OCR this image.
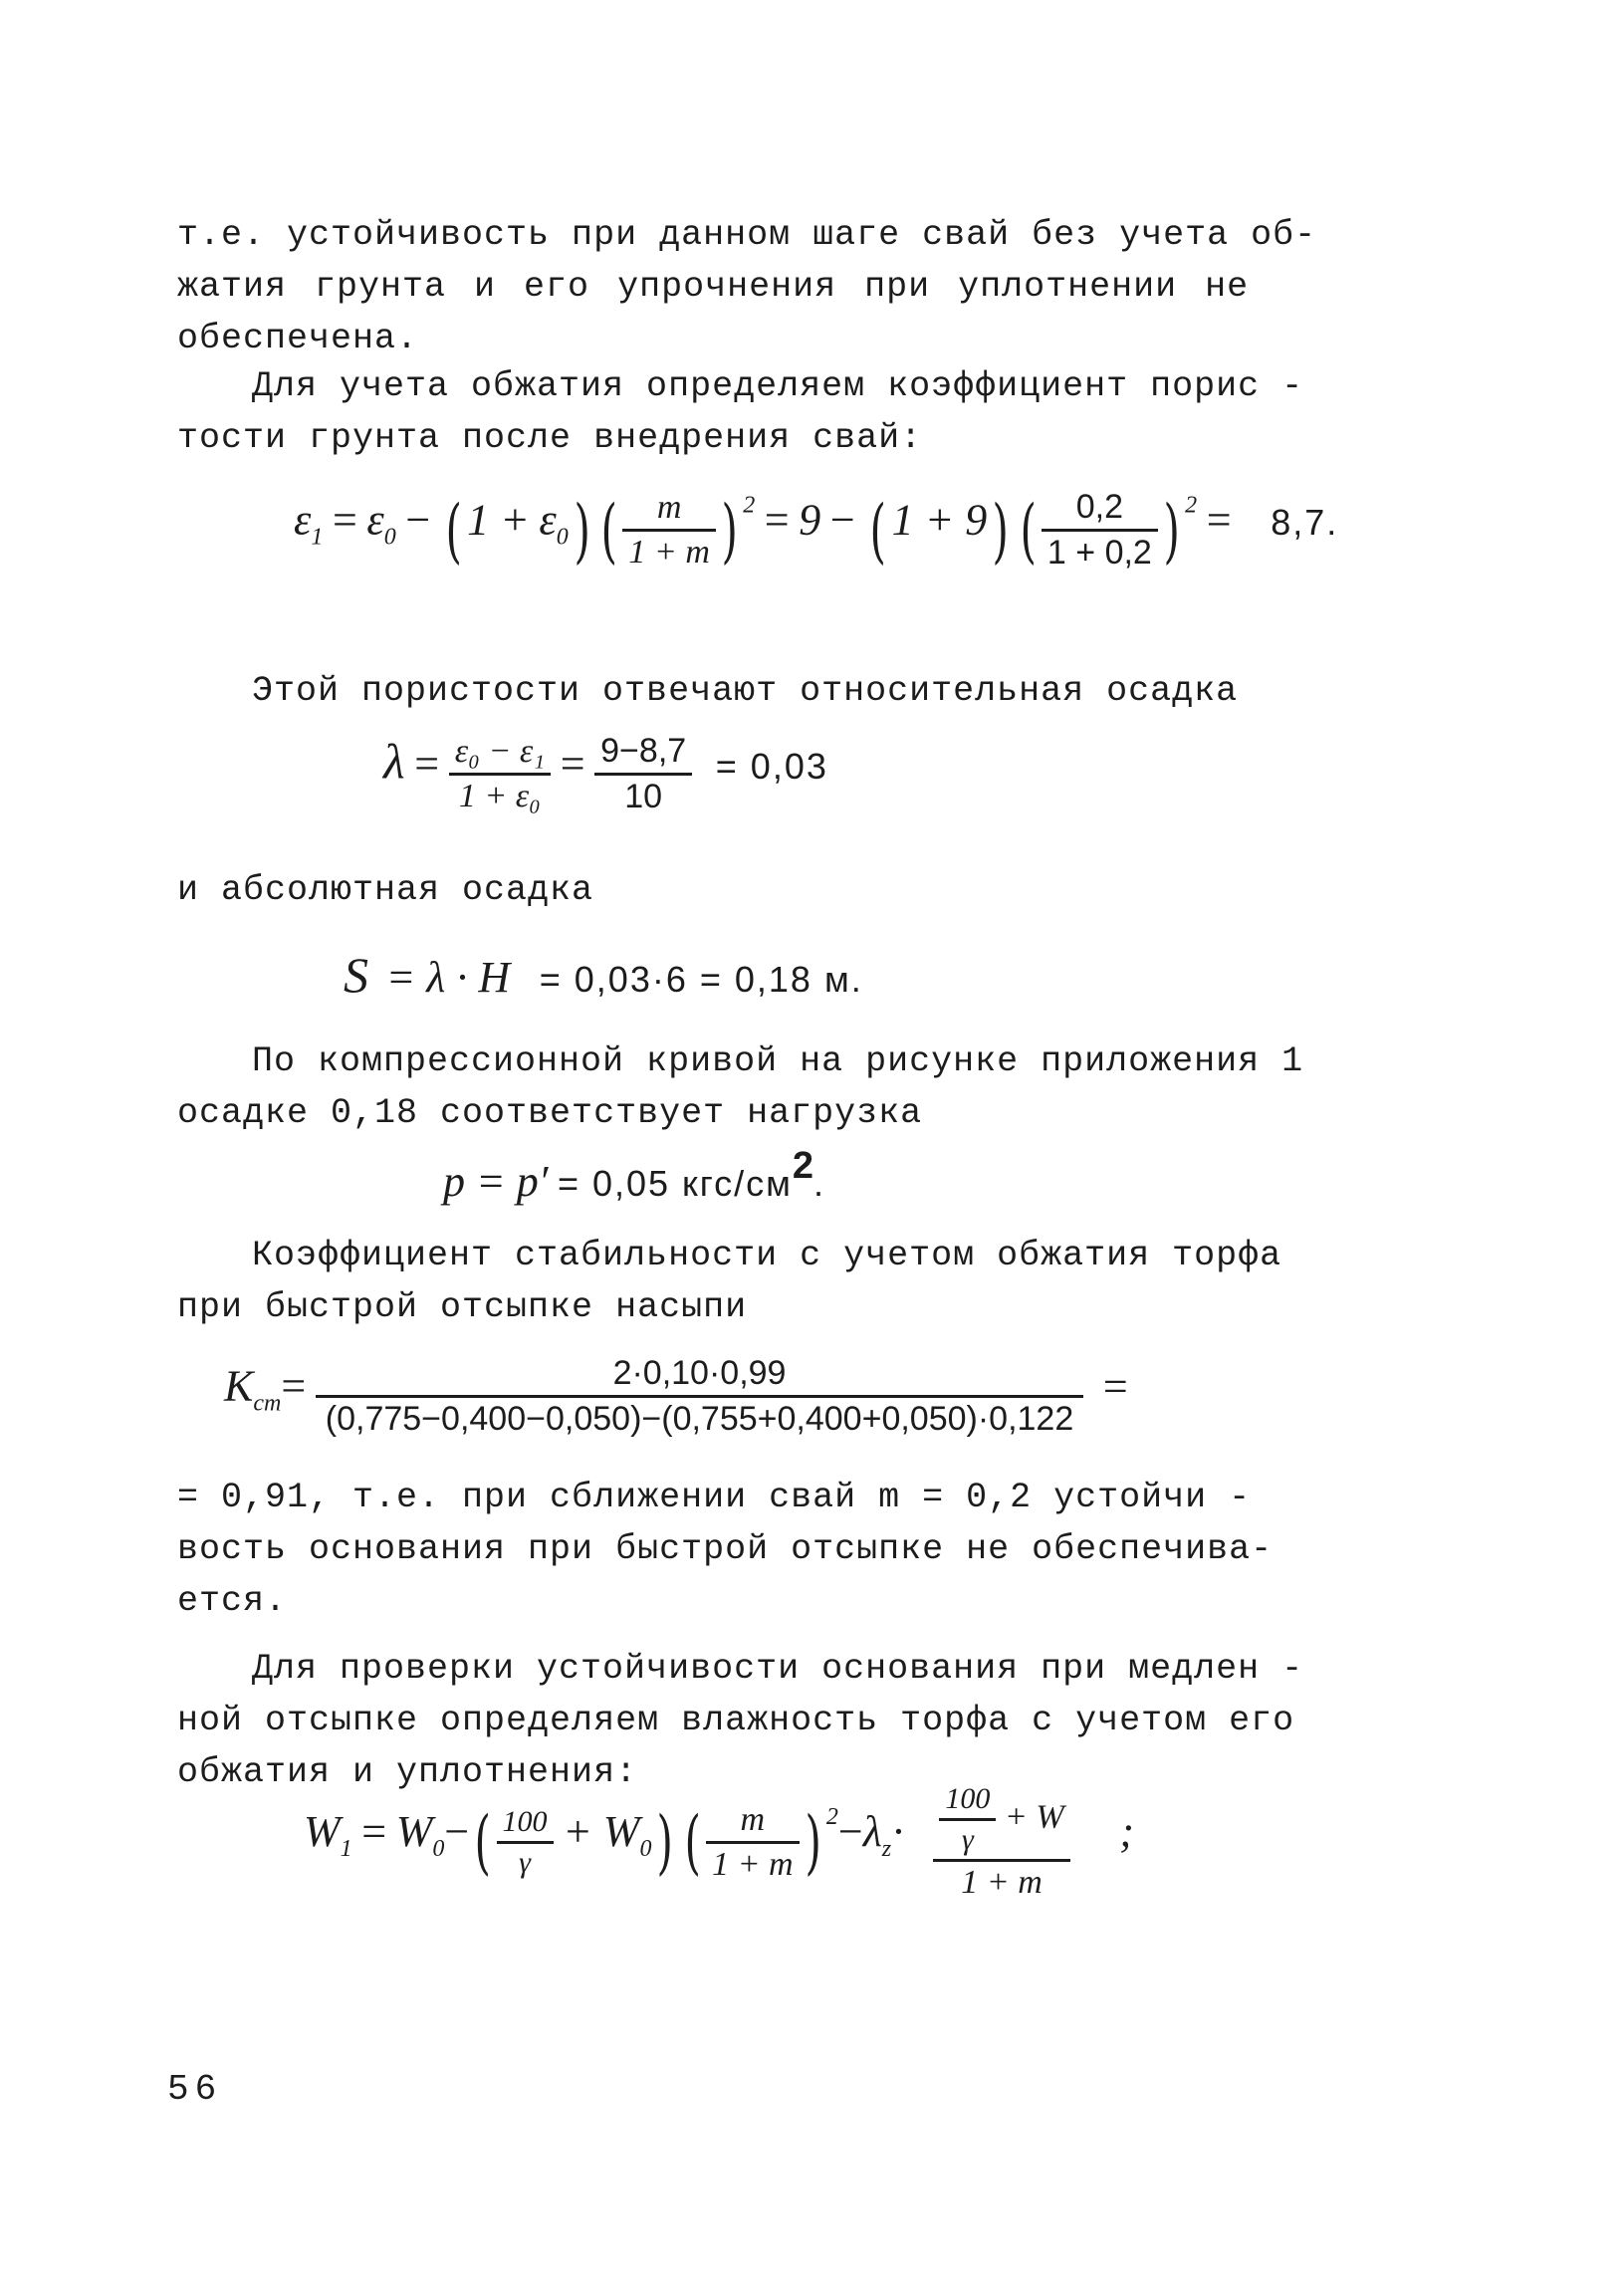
т.е. устойчивость при данном шаге свай без учета об-
жатия грунта и его упрочнения при уплотнении не
обеспечена.
Для учета обжатия определяем коэффициент порис -
тости грунта после внедрения свай:
ε1 = ε0 − ( 1 + ε0) ( $\frac{m}{1 + m}$ ) 2 = 9 − ( 1 + 9) ( $\frac{0,2}{1 + 0,2}$ ) 2 = 8,7.
Этой пористости отвечают относительная осадка
$\lambda = \frac{\text{ε₀ − ε₁}}{\text{1 + ε₀}} = \frac{9-8,7}{10} = 0,03$
и абсолютная осадка
S = λ · H = 0,03·6 = 0,18 м.
По компрессионной кривой на рисунке приложения 1
осадке 0,18 соответствует нагрузка
p = p′ = 0,05 кгс/см2.
Коэффициент стабильности с учетом обжатия торфа
при быстрой отсыпке насыпи
$Kст= \frac{2\cdot 0,10\cdot 0,99}{(0,775-0,400-0,050)-(0,755+0,400+0,050)\cdot 0,122}$ =
= 0,91, т.е. при сближении свай m = 0,2 устойчи -
вость основания при быстрой отсыпке не обеспечива-
ется.
Для проверки устойчивости основания при медлен -
ной отсыпке определяем влажность торфа с учетом его
обжатия и уплотнения:
$W1 = W0-( \frac{100}{\gamma} + W0)$ ( $\frac{m}{1 + m}$ ) $2-\lambda z\cdot \frac{\frac{100}{\gamma} + W}{1 + m}$ ;
56
